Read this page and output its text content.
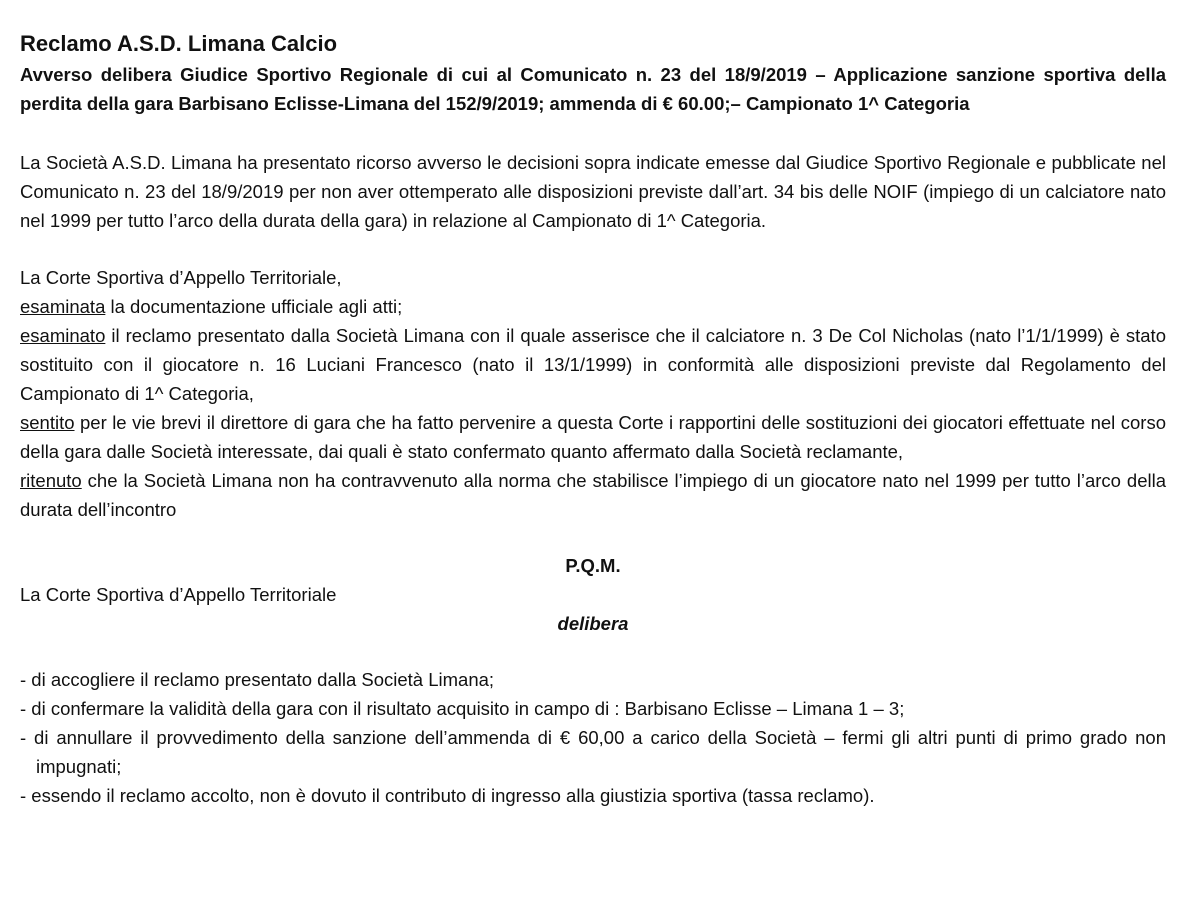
Reclamo A.S.D. Limana Calcio

Avverso delibera Giudice Sportivo Regionale di cui al Comunicato n. 23 del 18/9/2019 – Applicazione sanzione sportiva della perdita della gara Barbisano Eclisse-Limana del 152/9/2019; ammenda di € 60.00;– Campionato 1^ Categoria

La Società A.S.D. Limana ha presentato ricorso avverso le decisioni sopra indicate emesse dal Giudice Sportivo Regionale e pubblicate nel Comunicato n. 23 del 18/9/2019 per non aver ottemperato alle disposizioni previste dall’art. 34 bis delle NOIF (impiego di un calciatore nato nel 1999 per tutto l’arco della durata della gara) in relazione al Campionato di 1^ Categoria.

La Corte Sportiva d’Appello Territoriale,

esaminata la documentazione ufficiale agli atti;

esaminato il reclamo presentato dalla Società Limana con il quale asserisce che il calciatore n. 3 De Col Nicholas (nato l’1/1/1999) è stato sostituito con il giocatore n. 16 Luciani Francesco (nato il 13/1/1999) in conformità alle disposizioni previste dal Regolamento del Campionato di 1^ Categoria,

sentito per le vie brevi il direttore di gara che ha fatto pervenire a questa Corte i rapportini delle sostituzioni dei giocatori effettuate nel corso della gara dalle Società interessate, dai quali è stato confermato quanto affermato dalla Società reclamante,

ritenuto che la Società Limana non ha contravvenuto alla norma che stabilisce l’impiego di un giocatore nato nel 1999 per tutto l’arco della durata dell’incontro

P.Q.M.

La Corte Sportiva d’Appello Territoriale

delibera

- di accogliere il reclamo presentato dalla Società Limana;
- di confermare la validità della gara con il risultato acquisito in campo di : Barbisano Eclisse – Limana 1 – 3;
- di annullare il provvedimento della sanzione dell’ammenda di € 60,00 a carico della Società – fermi gli altri punti di primo grado non impugnati;
- essendo il reclamo accolto, non è dovuto il contributo di ingresso alla giustizia sportiva (tassa reclamo).
